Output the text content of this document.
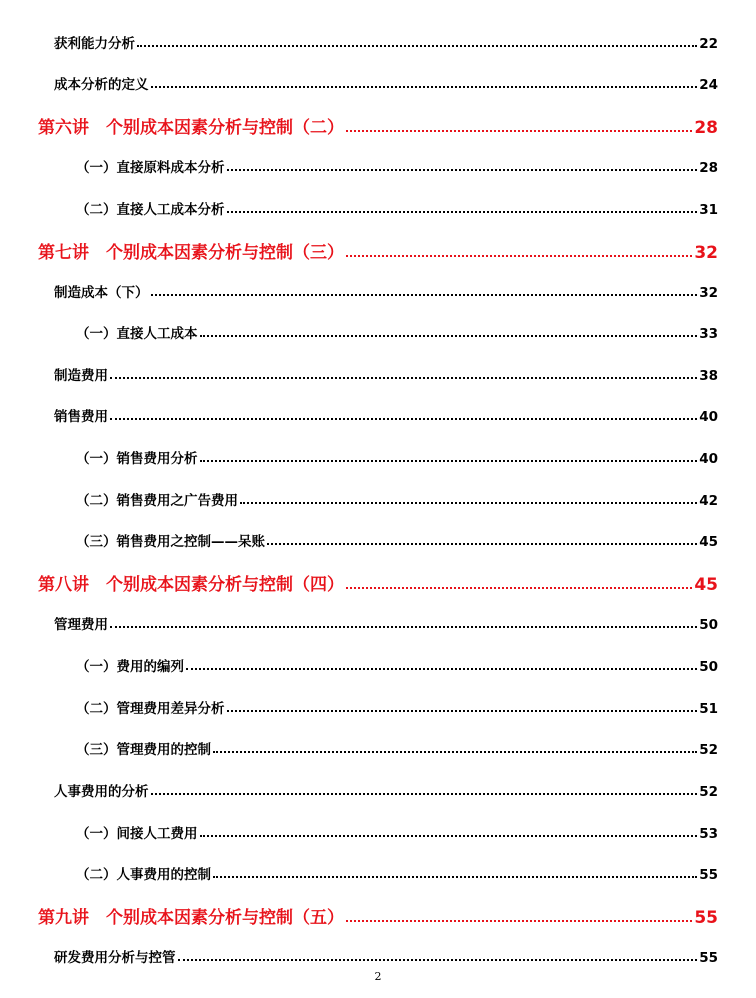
获利能力分析	22
成本分析的定义	24
第六讲　个别成本因素分析与控制（二）	28
（一）直接原料成本分析	28
（二）直接人工成本分析	31
第七讲　个别成本因素分析与控制（三）	32
制造成本（下）	32
（一）直接人工成本	33
制造费用	38
销售费用	40
（一）销售费用分析	40
（二）销售费用之广告费用	42
（三）销售费用之控制——呆账	45
第八讲　个别成本因素分析与控制（四）	45
管理费用	50
（一）费用的编列	50
（二）管理费用差异分析	51
（三）管理费用的控制	52
人事费用的分析	52
（一）间接人工费用	53
（二）人事费用的控制	55
第九讲　个别成本因素分析与控制（五）	55
研发费用分析与控管	55
2
